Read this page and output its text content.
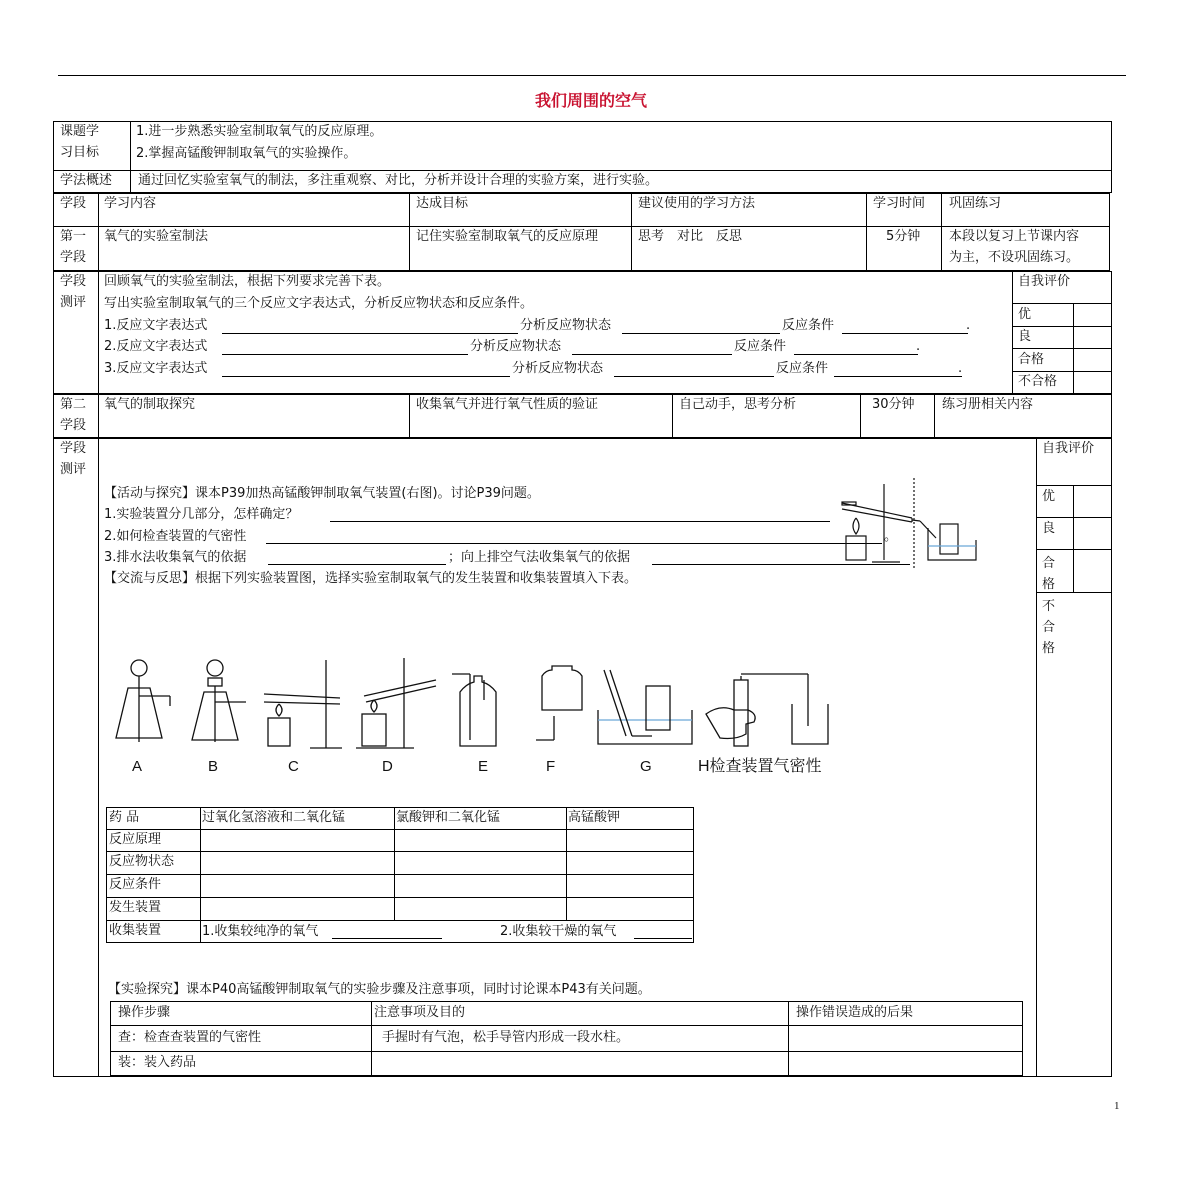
我们周围的空气
课题学
习目标
1.进一步熟悉实验室制取氧气的反应原理。
2.掌握高锰酸钾制取氧气的实验操作。
学法概述 通过回忆实验室氧气的制法，多注重观察、对比，分析并设计合理的实验方案，进行实验。
学段 学习内容	达成目标	建议使用的学习方法	学习时间 巩固练习
第一
学段
氧气的实验室制法	记住实验室制取氧气的反应原理	思考　对比　反思	5分钟 本段以复习上节课内容
为主，不设巩固练习。
学段
测评
回顾氧气的实验室制法，根据下列要求完善下表。
写出实验室制取氧气的三个反应文字表达式，分析反应物状态和反应条件。
1.反应文字表达式	分析反应物状态	反应条件	.
2.反应文字表达式	分析反应物状态	反应条件	.
3.反应文字表达式	分析反应物状态	反应条件	.
自我评价
优
良
合格
不合格
第二
学段
氧气的制取探究	收集氧气并进行氧气性质的验证	自己动手，思考分析	30分钟 练习册相关内容
学段
测评
自我评价
优
良
合
格
不
合
格
【活动与探究】课本P39加热高锰酸钾制取氧气装置(右图)。讨论P39问题。
1.实验装置分几部分，怎样确定？
2.如何检查装置的气密性	。
3.排水法收集氧气的依据	；向上排空气法收集氧气的依据
【交流与反思】根据下列实验装置图，选择实验室制取氧气的发生装置和收集装置填入下表。
A	B	C	D	E	F	G	H检查装置气密性
药 品	过氧化氢溶液和二氧化锰	氯酸钾和二氧化锰	高锰酸钾
反应原理
反应物状态
反应条件
发生装置
收集装置	1.收集较纯净的氧气	2.收集较干燥的氧气
【实验探究】课本P40高锰酸钾制取氧气的实验步骤及注意事项，同时讨论课本P43有关问题。
操作步骤	注意事项及目的	操作错误造成的后果
查：检查查装置的气密性	手握时有气泡，松手导管内形成一段水柱。
装：装入药品
1
